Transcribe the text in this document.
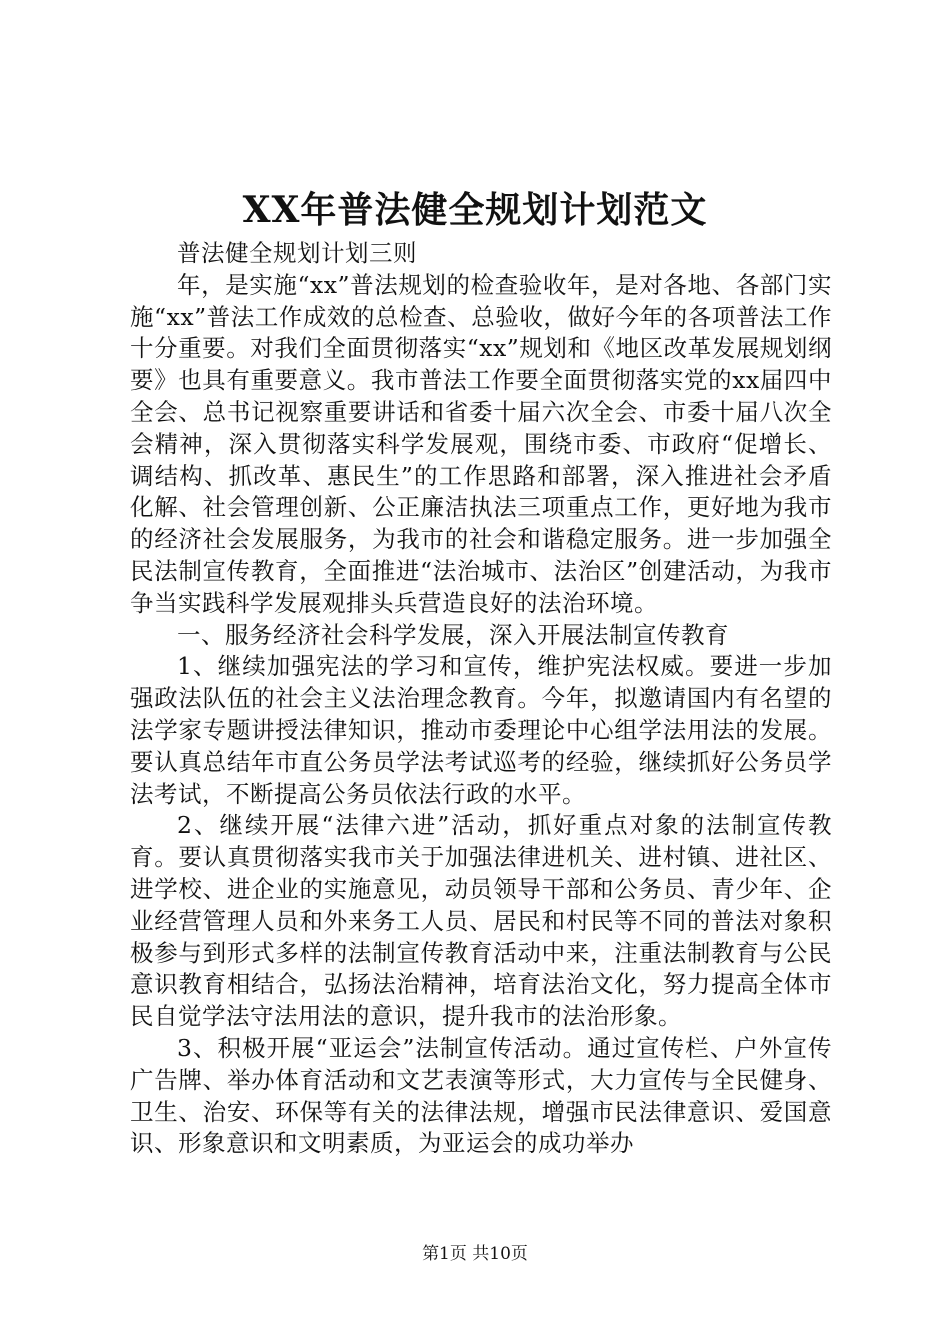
XX年普法健全规划计划范文

普法健全规划计划三则

年，是实施“xx”普法规划的检查验收年，是对各地、各部门实施“xx”普法工作成效的总检查、总验收，做好今年的各项普法工作十分重要。对我们全面贯彻落实“xx”规划和《地区改革发展规划纲要》也具有重要意义。我市普法工作要全面贯彻落实党的xx届四中全会、总书记视察重要讲话和省委十届六次全会、市委十届八次全会精神，深入贯彻落实科学发展观，围绕市委、市政府“促增长、调结构、抓改革、惠民生”的工作思路和部署，深入推进社会矛盾化解、社会管理创新、公正廉洁执法三项重点工作，更好地为我市的经济社会发展服务，为我市的社会和谐稳定服务。进一步加强全民法制宣传教育，全面推进“法治城市、法治区”创建活动，为我市争当实践科学发展观排头兵营造良好的法治环境。

一、服务经济社会科学发展，深入开展法制宣传教育

1、继续加强宪法的学习和宣传，维护宪法权威。要进一步加强政法队伍的社会主义法治理念教育。今年，拟邀请国内有名望的法学家专题讲授法律知识，推动市委理论中心组学法用法的发展。要认真总结年市直公务员学法考试巡考的经验，继续抓好公务员学法考试，不断提高公务员依法行政的水平。

2、继续开展“法律六进”活动，抓好重点对象的法制宣传教育。要认真贯彻落实我市关于加强法律进机关、进村镇、进社区、进学校、进企业的实施意见，动员领导干部和公务员、青少年、企业经营管理人员和外来务工人员、居民和村民等不同的普法对象积极参与到形式多样的法制宣传教育活动中来，注重法制教育与公民意识教育相结合，弘扬法治精神，培育法治文化，努力提高全体市民自觉学法守法用法的意识，提升我市的法治形象。

3、积极开展“亚运会”法制宣传活动。通过宣传栏、户外宣传广告牌、举办体育活动和文艺表演等形式，大力宣传与全民健身、卫生、治安、环保等有关的法律法规，增强市民法律意识、爱国意识、形象意识和文明素质，为亚运会的成功举办

第1页 共10页
